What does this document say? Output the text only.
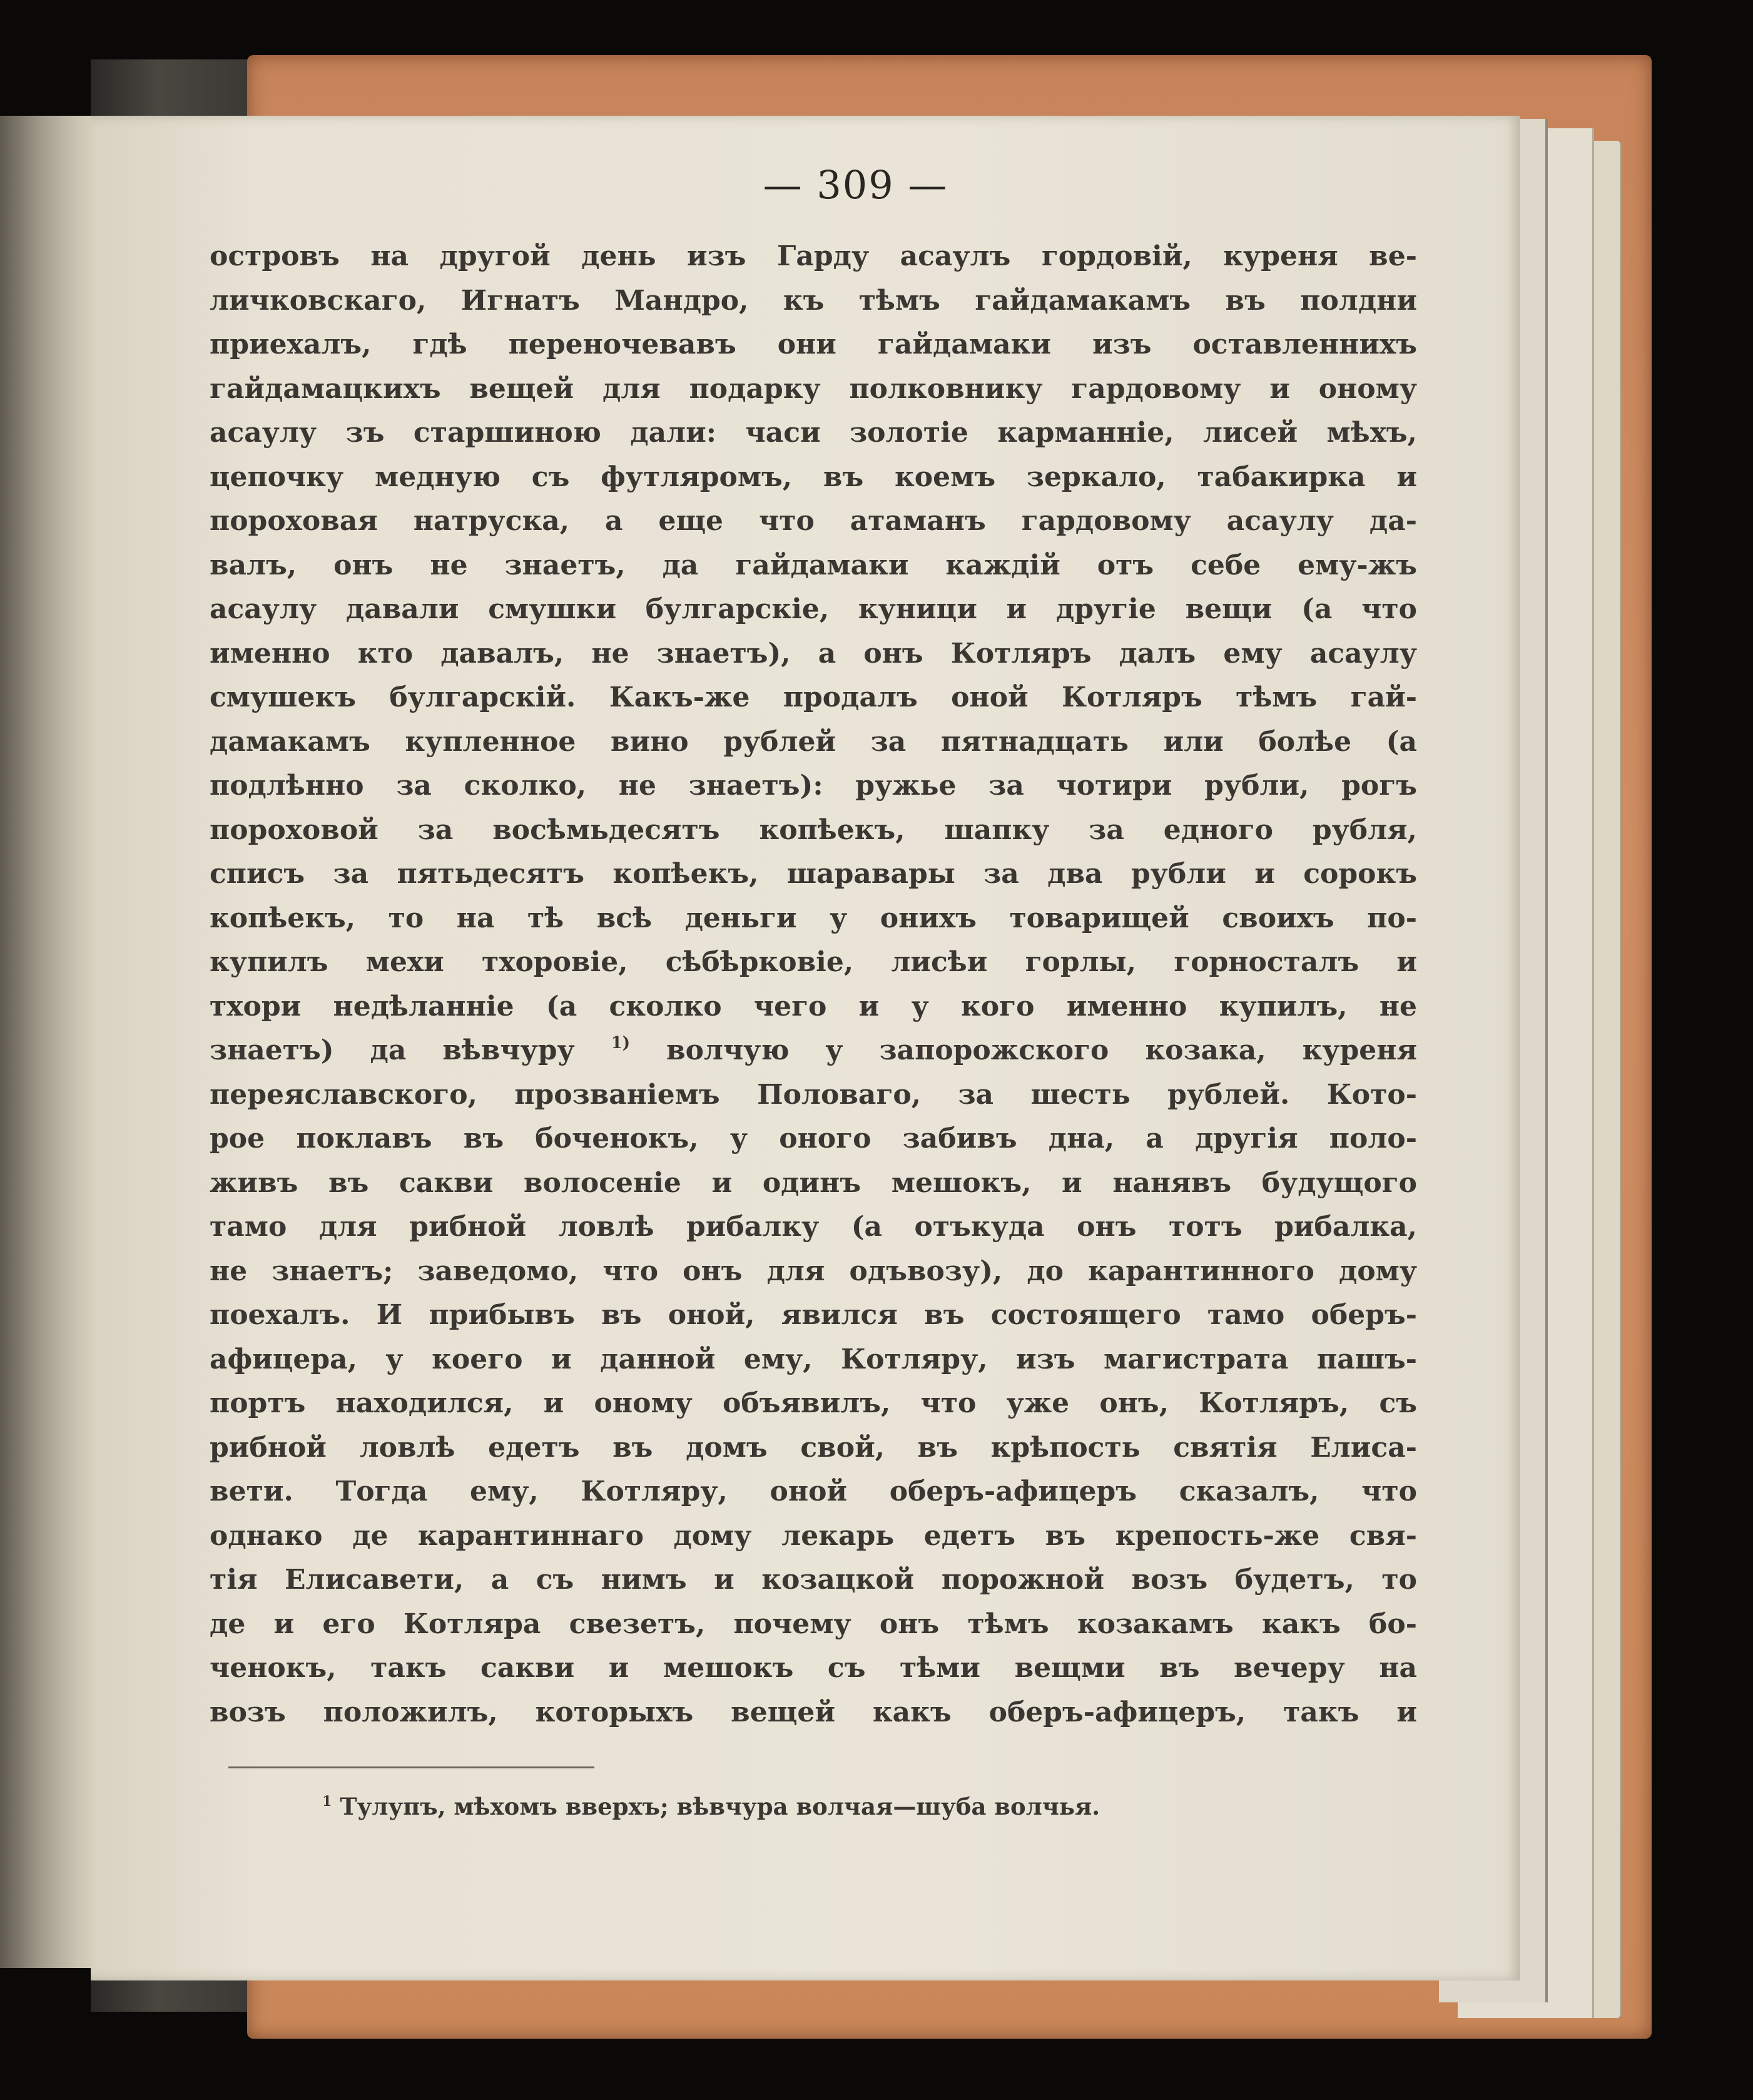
— 309 —
островъ на другой день изъ Гарду асаулъ гордовій, куреня ве-
личковскаго, Игнатъ Мандро, къ тѣмъ гайдамакамъ въ полдни
приехалъ, гдѣ переночевавъ они гайдамаки изъ оставленнихъ
гайдамацкихъ вещей для подарку полковнику гардовому и оному
асаулу зъ старшиною дали: часи золотіе карманніе, лисей мѣхъ,
цепочку медную съ футляромъ, въ коемъ зеркало, табакирка и
пороховая натруска, а еще что атаманъ гардовому асаулу да-
валъ, онъ не знаетъ, да гайдамаки каждій отъ себе ему-жъ
асаулу давали смушки булгарскіе, куници и другіе вещи (а что
именно кто давалъ, не знаетъ), а онъ Котляръ далъ ему асаулу
смушекъ булгарскій. Какъ-же продалъ оной Котляръ тѣмъ гай-
дамакамъ купленное вино рублей за пятнадцать или болѣе (а
подлѣнно за сколко, не знаетъ): ружье за чотири рубли, рогъ
пороховой за восѣмьдесятъ копѣекъ, шапку за едного рубля,
списъ за пятьдесятъ копѣекъ, шаравары за два рубли и сорокъ
копѣекъ, то на тѣ всѣ деньги у онихъ товарищей своихъ по-
купилъ мехи тхоровіе, сѣбѣрковіе, лисѣи горлы, горносталъ и
тхори недѣланніе (а сколко чего и у кого именно купилъ, не
знаетъ) да вѣвчуру $^{1)}$ волчую у запорожского козака, куреня
переяславского, прозваніемъ Половаго, за шесть рублей. Кото-
рое поклавъ въ боченокъ, у оного забивъ дна, а другія поло-
живъ въ сакви волосеніе и одинъ мешокъ, и нанявъ будущого
тамо для рибной ловлѣ рибалку (а отъкуда онъ тотъ рибалка,
не знаетъ; заведомо, что онъ для одъвозу), до карантинного дому
поехалъ. И прибывъ въ оной, явился въ состоящего тамо оберъ-
афицера, у коего и данной ему, Котляру, изъ магистрата пашъ-
портъ находился, и оному объявилъ, что уже онъ, Котляръ, съ
рибной ловлѣ едетъ въ домъ свой, въ крѣпость святія Елиса-
вети. Тогда ему, Котляру, оной оберъ-афицеръ сказалъ, что
однако де карантиннаго дому лекарь едетъ въ крепость-же свя-
тія Елисавети, а съ нимъ и козацкой порожной возъ будетъ, то
де и его Котляра свезетъ, почему онъ тѣмъ козакамъ какъ бо-
ченокъ, такъ сакви и мешокъ съ тѣми вещми въ вечеру на
возъ положилъ, которыхъ вещей какъ оберъ-афицеръ, такъ и
$^1$ Тулупъ, мѣхомъ вверхъ; вѣвчура волчая—шуба волчья.
